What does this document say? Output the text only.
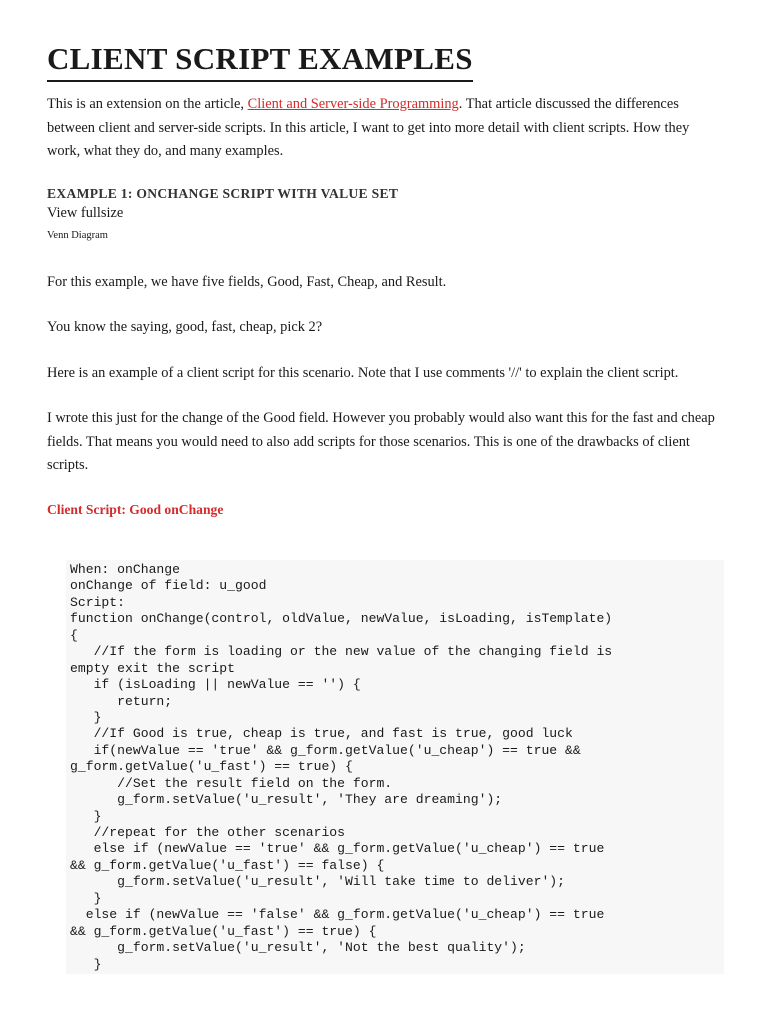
CLIENT SCRIPT EXAMPLES
This is an extension on the article, Client and Server-side Programming. That article discussed the differences between client and server-side scripts. In this article, I want to get into more detail with client scripts. How they work, what they do, and many examples.
EXAMPLE 1: ONCHANGE SCRIPT WITH VALUE SET
View fullsize
Venn Diagram
For this example, we have five fields, Good, Fast, Cheap, and Result.
You know the saying, good, fast, cheap, pick 2?
Here is an example of a client script for this scenario. Note that I use comments '//' to explain the client script.
I wrote this just for the change of the Good field. However you probably would also want this for the fast and cheap fields. That means you would need to also add scripts for those scenarios. This is one of the drawbacks of client scripts.
Client Script: Good onChange
When: onChange
onChange of field: u_good
Script:
function onChange(control, oldValue, newValue, isLoading, isTemplate)
{
//If the form is loading or the new value of the changing field is
empty exit the script
if (isLoading || newValue == '') {
return;
}
//If Good is true, cheap is true, and fast is true, good luck
if(newValue == 'true' && g_form.getValue('u_cheap') == true &&
g_form.getValue('u_fast') == true) {
//Set the result field on the form.
g_form.setValue('u_result', 'They are dreaming');
}
//repeat for the other scenarios
else if (newValue == 'true' && g_form.getValue('u_cheap') == true
&& g_form.getValue('u_fast') == false) {
g_form.setValue('u_result', 'Will take time to deliver');
}
else if (newValue == 'false' && g_form.getValue('u_cheap') == true
&& g_form.getValue('u_fast') == true) {
g_form.setValue('u_result', 'Not the best quality');
}
